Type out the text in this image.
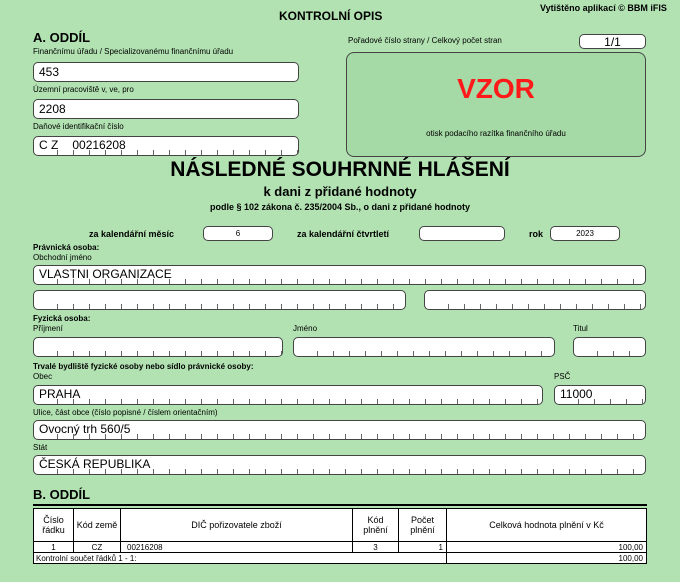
KONTROLNÍ OPIS
Vytištěno aplikací © BBM iFIS
A. ODDÍL
Finančnímu úřadu / Specializovanému finančnímu úřadu
453
Územní pracoviště v, ve, pro
2208
Daňové identifikační číslo
C Z 00216208
Pořadové číslo strany / Celkový počet stran	1/1
VZOR
otisk podacího razítka finančního úřadu
NÁSLEDNÉ SOUHRNNÉ HLÁŠENÍ
k dani z přidané hodnoty
podle § 102 zákona č. 235/2004 Sb., o dani z přidané hodnoty
za kalendářní měsíc	6	za kalendářní čtvrtletí	rok	2023
Právnická osoba:
Obchodní jméno
VLASTNI ORGANIZACE
Fyzická osoba:
Příjmení	Jméno	Titul
Trvalé bydliště fyzické osoby nebo sídlo právnické osoby:
Obec
PRAHA
PSČ
11000
Ulice, část obce (číslo popisné / číslem orientačním)
Ovocný trh 560/5
Stát
ČESKÁ REPUBLIKA
B. ODDÍL
Číslo řádku	Kód země	DIČ pořizovatele zboží	Kód plnění	Počet plnění	Celková hodnota plnění v Kč
1	CZ	00216208	3	1	100,00
Kontrolní součet řádků 1 - 1:					100,00
